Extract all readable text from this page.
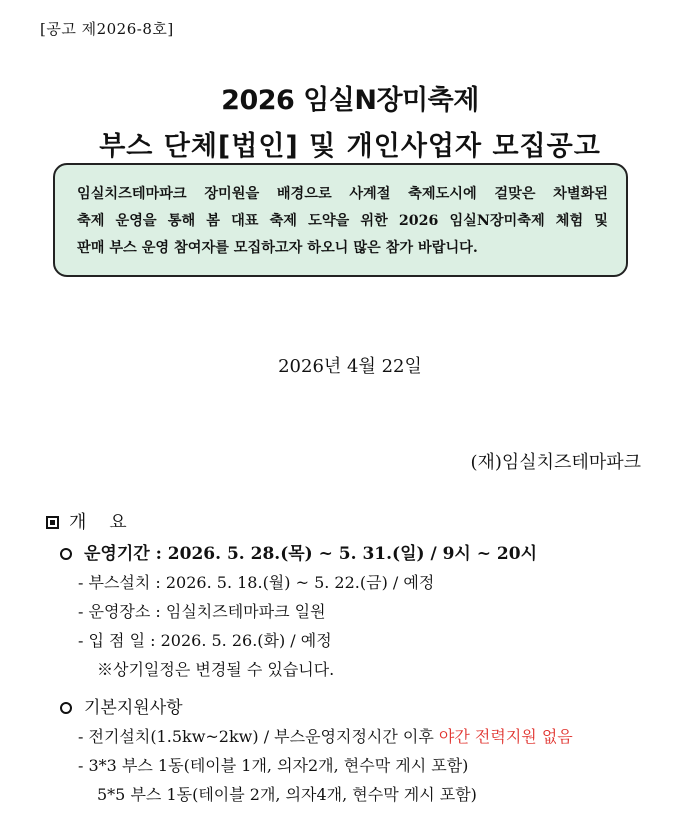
[공고 제2026-8호]
2026 임실N장미축제
부스 단체[법인] 및 개인사업자 모집공고
임실치즈테마파크 장미원을 배경으로 사계절 축제도시에 걸맞은 차별화된
축제 운영을 통해 봄 대표 축제 도약을 위한 2026 임실N장미축제 체험 및
판매 부스 운영 참여자를 모집하고자 하오니 많은 참가 바랍니다.
2026년 4월 22일
(재)임실치즈테마파크
개    요
운영기간 : 2026. 5. 28.(목) ~ 5. 31.(일) / 9시 ~ 20시
- 부스설치 : 2026. 5. 18.(월) ~ 5. 22.(금) / 예정
- 운영장소 : 임실치즈테마파크 일원
- 입 점 일 : 2026. 5. 26.(화) / 예정
※상기일정은 변경될 수 있습니다.
기본지원사항
- 전기설치(1.5kw~2kw) / 부스운영지정시간 이후 야간 전력지원 없음
- 3*3 부스 1동(테이블 1개, 의자2개, 현수막 게시 포함)
5*5 부스 1동(테이블 2개, 의자4개, 현수막 게시 포함)
